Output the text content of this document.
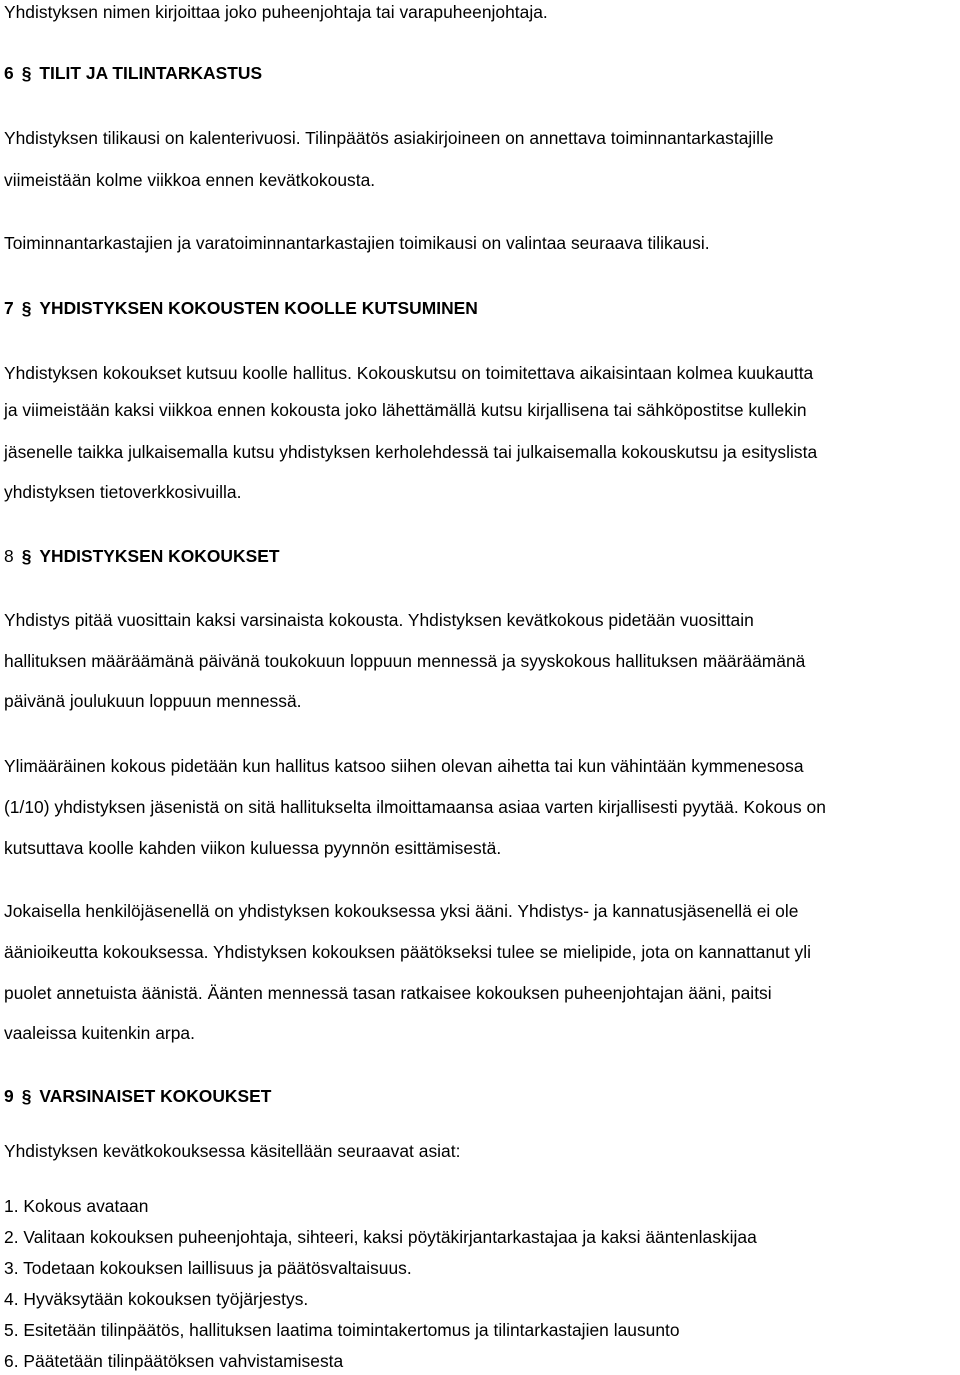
Yhdistyksen nimen kirjoittaa joko puheenjohtaja tai varapuheenjohtaja.
6 § TILIT JA TILINTARKASTUS
Yhdistyksen tilikausi on kalenterivuosi. Tilinpäätös asiakirjoineen on annettava toiminnantarkastajille
viimeistään kolme viikkoa ennen kevätkokousta.
Toiminnantarkastajien ja varatoiminnantarkastajien toimikausi on valintaa seuraava tilikausi.
7 § YHDISTYKSEN KOKOUSTEN KOOLLE KUTSUMINEN
Yhdistyksen kokoukset kutsuu koolle hallitus. Kokouskutsu on toimitettava aikaisintaan kolmea kuukautta
ja viimeistään kaksi viikkoa ennen kokousta joko lähettämällä kutsu kirjallisena tai sähköpostitse kullekin
jäsenelle taikka julkaisemalla kutsu yhdistyksen kerholehdessä tai julkaisemalla kokouskutsu ja esityslista
yhdistyksen tietoverkkosivuilla.
8 § YHDISTYKSEN KOKOUKSET
Yhdistys pitää vuosittain kaksi varsinaista kokousta. Yhdistyksen kevätkokous pidetään vuosittain
hallituksen määräämänä päivänä toukokuun loppuun mennessä ja syyskokous hallituksen määräämänä
päivänä joulukuun loppuun mennessä.
Ylimääräinen kokous pidetään kun hallitus katsoo siihen olevan aihetta tai kun vähintään kymmenesosa
(1/10) yhdistyksen jäsenistä on sitä hallitukselta ilmoittamaansa asiaa varten kirjallisesti pyytää. Kokous on
kutsuttava koolle kahden viikon kuluessa pyynnön esittämisestä.
Jokaisella henkilöjäsenellä on yhdistyksen kokouksessa yksi ääni. Yhdistys- ja kannatusjäsenellä ei ole
äänioikeutta kokouksessa. Yhdistyksen kokouksen päätökseksi tulee se mielipide, jota on kannattanut yli
puolet annetuista äänistä. Äänten mennessä tasan ratkaisee kokouksen puheenjohtajan ääni, paitsi
vaaleissa kuitenkin arpa.
9 § VARSINAISET KOKOUKSET
Yhdistyksen kevätkokouksessa käsitellään seuraavat asiat:
1. Kokous avataan
2. Valitaan kokouksen puheenjohtaja, sihteeri, kaksi pöytäkirjantarkastajaa ja kaksi ääntenlaskijaa
3. Todetaan kokouksen laillisuus ja päätösvaltaisuus.
4. Hyväksytään kokouksen työjärjestys.
5. Esitetään tilinpäätös, hallituksen laatima toimintakertomus ja tilintarkastajien lausunto
6. Päätetään tilinpäätöksen vahvistamisesta
